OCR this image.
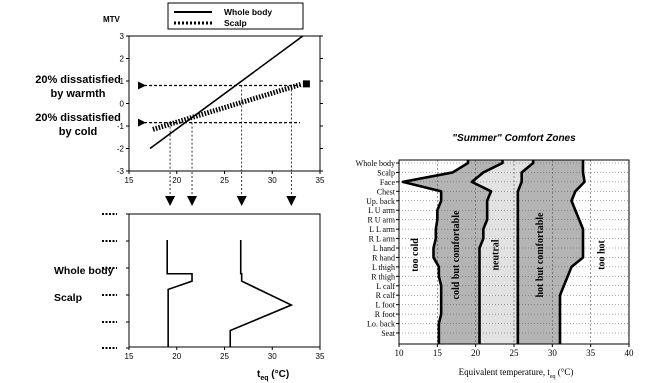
15	20	25	30	35
-3
-2
-1
0
1
2
3
MTV
Whole body
Scalp
20% dissatisfied
by warmth
20% dissatisfied
by cold
15	20	25	30	35
Whole body
Scalp
$t_{eq}$ (°C)
"Summer" Comfort Zones
too cold	cold but comfortable	neutral	hot but comfortable	too hot
10	15	20	25	30	35	40
Whole body
Scalp
Face
Chest
Up. back
L U arm
R U arm
L L arm
R L arm
L hand
R hand
L thigh
R thigh
L calf
R calf
L foot
R foot
Lo. back
Seat
Equivalent temperature, $t_{eq}$ (°C)
